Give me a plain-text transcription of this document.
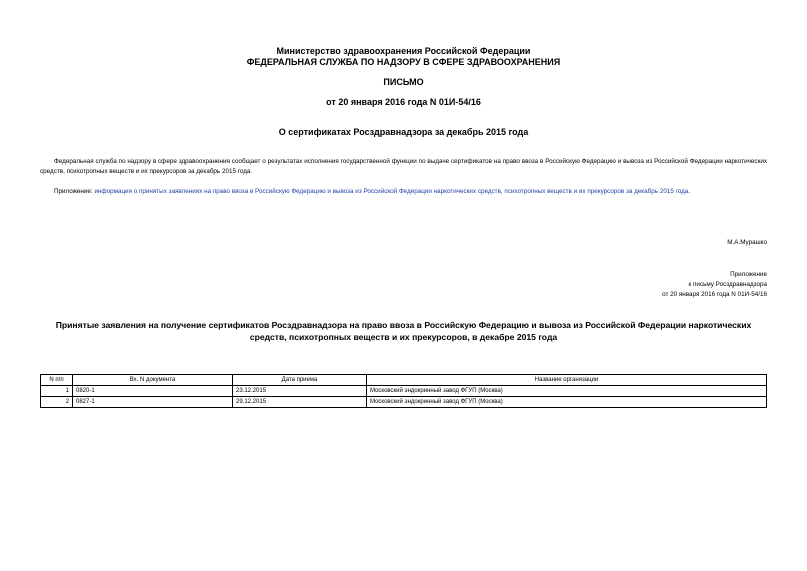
Министерство здравоохранения Российской Федерации
ФЕДЕРАЛЬНАЯ СЛУЖБА ПО НАДЗОРУ В СФЕРЕ ЗДРАВООХРАНЕНИЯ
ПИСЬМО
от 20 января 2016 года N 01И-54/16
О сертификатах Росздравнадзора за декабрь 2015 года
Федеральная служба по надзору в сфере здравоохранения сообщает о результатах исполнения государственной функции по выдаче сертификатов на право ввоза в Российскую Федерацию и вывоза из Российской Федерации наркотических средств, психотропных веществ и их прекурсоров за декабрь 2015 года.
Приложение: информация о принятых заявлениях на право ввоза в Российскую Федерацию и вывоза из Российской Федерации наркотических средств, психотропных веществ и их прекурсоров за декабрь 2015 года.
М.А.Мурашко
Приложение
к письму Росздравнадзора
от 20 января 2016 года N 01И-54/16
Принятые заявления на получение сертификатов Росздравнадзора на право ввоза в Российскую Федерацию и вывоза из Российской Федерации наркотических средств, психотропных веществ и их прекурсоров, в декабре 2015 года
N п/п	Вх. N документа	Дата приема	Название организации
1	0820-1	23.12.2015	Московский эндокринный завод ФГУП (Москва)
2	0827-1	29.12.2015	Московский эндокринный завод ФГУП (Москва)
